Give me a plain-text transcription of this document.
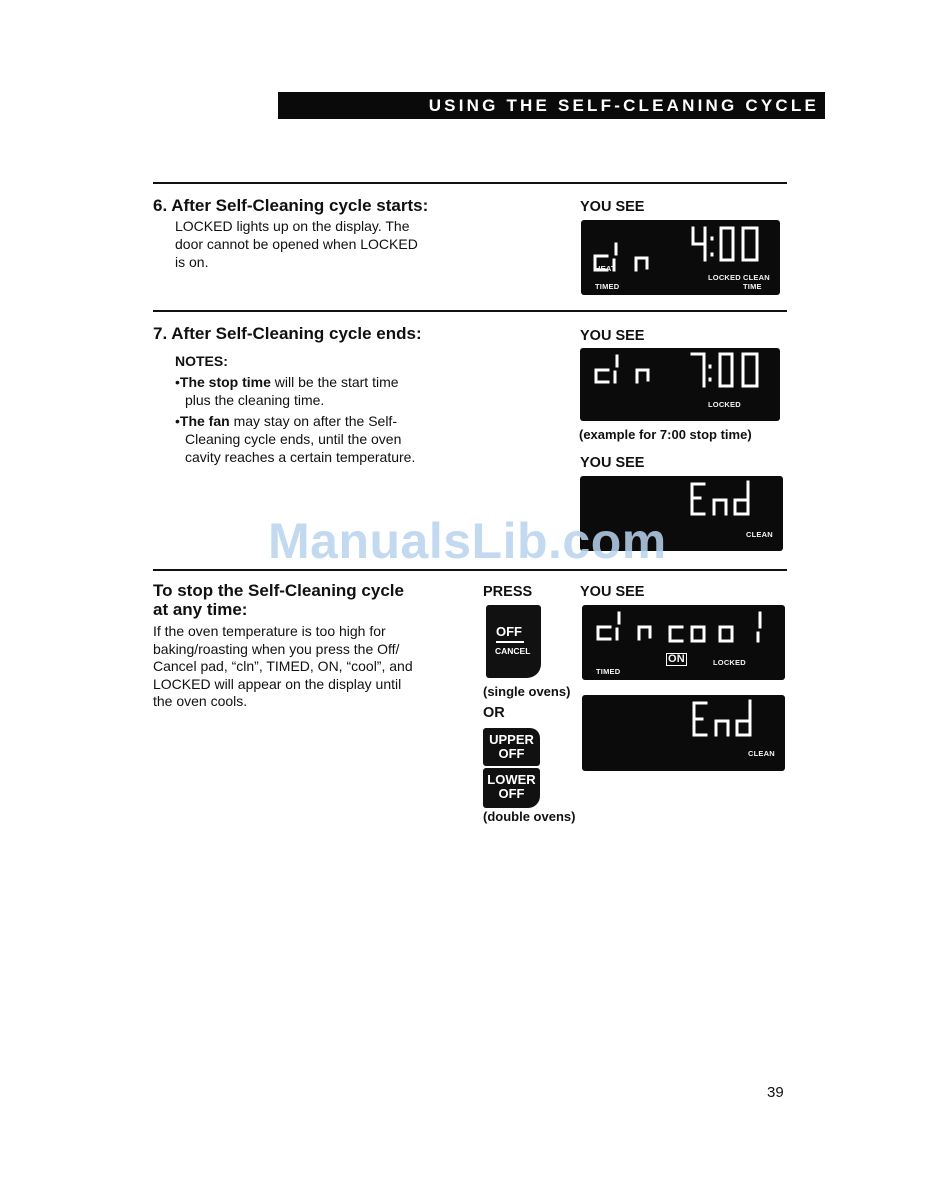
USING THE SELF-CLEANING CYCLE
6. After Self-Cleaning cycle starts:
LOCKED lights up on the display. The
door cannot be opened when LOCKED
is on.
YOU SEE
HEAT
TIMED
LOCKED CLEAN
TIME
7. After Self-Cleaning cycle ends:
NOTES:
•The stop time will be the start time
plus the cleaning time.
•The fan may stay on after the Self-
Cleaning cycle ends, until the oven
cavity reaches a certain temperature.
YOU SEE
LOCKED
(example for 7:00 stop time)
YOU SEE
CLEAN
ManualsLib.com
To stop the Self-Cleaning cycle
at any time:
If the oven temperature is too high for
baking/roasting when you press the Off/
Cancel pad, “cln”, TIMED, ON, “cool”, and
LOCKED will appear on the display until
the oven cools.
PRESS	YOU SEE
OFF
CANCEL
(single ovens)
OR
UPPER
OFF
LOWER
OFF
(double ovens)
TIMED
ON	LOCKED
CLEAN
39
